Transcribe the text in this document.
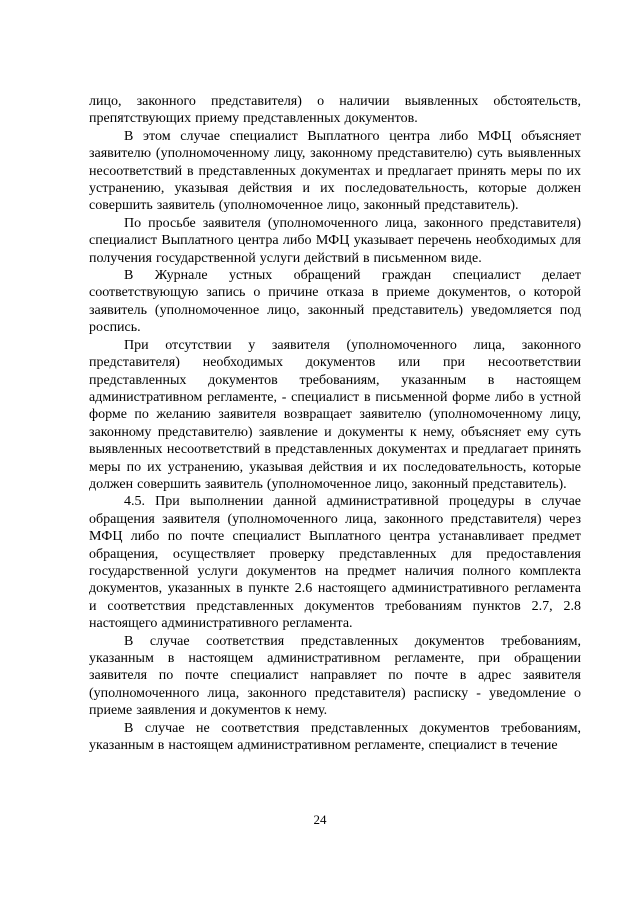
лицо, законного представителя) о наличии выявленных обстоятельств, препятствующих приему представленных документов.

В этом случае специалист Выплатного центра либо МФЦ объясняет заявителю (уполномоченному лицу, законному представителю) суть выявленных несоответствий в представленных документах и предлагает принять меры по их устранению, указывая действия и их последовательность, которые должен совершить заявитель (уполномоченное лицо, законный представитель).

По просьбе заявителя (уполномоченного лица, законного представителя) специалист Выплатного центра либо МФЦ указывает перечень необходимых для получения государственной услуги действий в письменном виде.

В Журнале устных обращений граждан специалист делает соответствующую запись о причине отказа в приеме документов, о которой заявитель (уполномоченное лицо, законный представитель) уведомляется под роспись.

При отсутствии у заявителя (уполномоченного лица, законного представителя) необходимых документов или при несоответствии представленных документов требованиям, указанным в настоящем административном регламенте, - специалист в письменной форме либо в устной форме по желанию заявителя возвращает заявителю (уполномоченному лицу, законному представителю) заявление и документы к нему, объясняет ему суть выявленных несоответствий в представленных документах и предлагает принять меры по их устранению, указывая действия и их последовательность, которые должен совершить заявитель (уполномоченное лицо, законный представитель).

4.5. При выполнении данной административной процедуры в случае обращения заявителя (уполномоченного лица, законного представителя) через МФЦ либо по почте специалист Выплатного центра устанавливает предмет обращения, осуществляет проверку представленных для предоставления государственной услуги документов на предмет наличия полного комплекта документов, указанных в пункте 2.6 настоящего административного регламента и соответствия представленных документов требованиям пунктов 2.7, 2.8 настоящего административного регламента.

В случае соответствия представленных документов требованиям, указанным в настоящем административном регламенте, при обращении заявителя по почте специалист направляет по почте в адрес заявителя (уполномоченного лица, законного представителя) расписку - уведомление о приеме заявления и документов к нему.

В случае не соответствия представленных документов требованиям, указанным в настоящем административном регламенте, специалист в течение

24
